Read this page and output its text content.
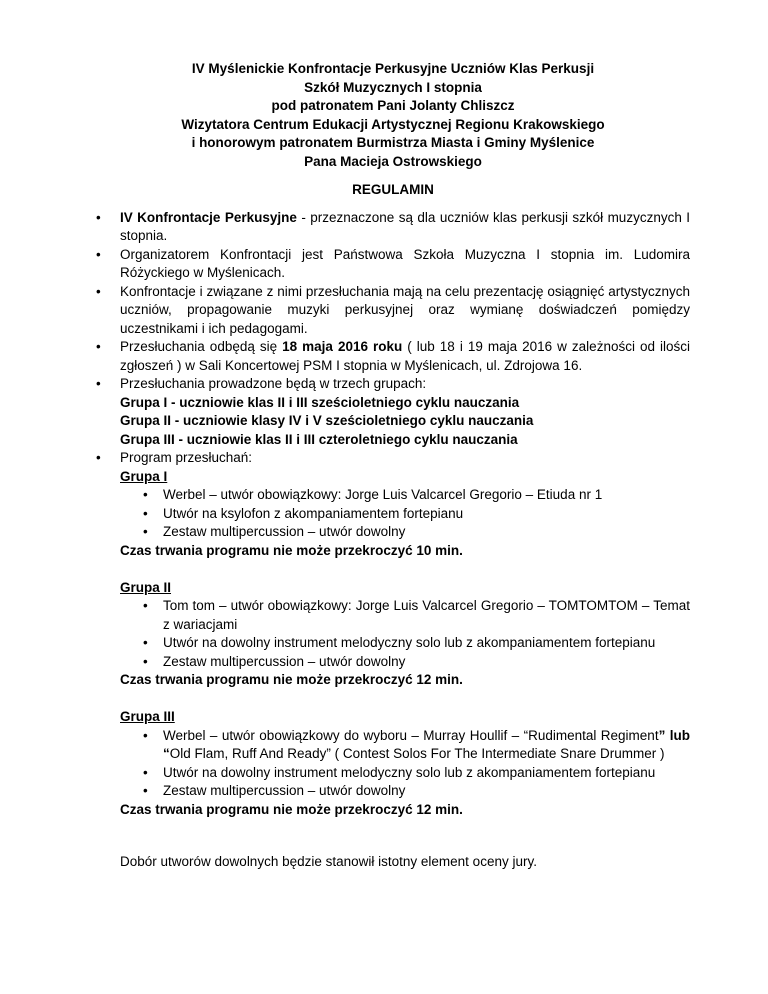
IV Myślenickie Konfrontacje Perkusyjne Uczniów Klas Perkusji

Szkół Muzycznych I stopnia

pod patronatem Pani Jolanty Chliszcz

Wizytatora Centrum Edukacji Artystycznej Regionu Krakowskiego

i honorowym patronatem Burmistrza Miasta i Gminy Myślenice

Pana Macieja Ostrowskiego

REGULAMIN
•	IV Konfrontacje Perkusyjne - przeznaczone są dla uczniów klas perkusji szkół muzycznych I stopnia.
•	Organizatorem Konfrontacji jest Państwowa Szkoła Muzyczna I stopnia im. Ludomira Różyckiego w Myślenicach.
•	Konfrontacje i związane z nimi przesłuchania mają na celu prezentację osiągnięć artystycznych uczniów, propagowanie muzyki perkusyjnej oraz wymianę doświadczeń pomiędzy uczestnikami i ich pedagogami.
•	Przesłuchania odbędą się 18 maja 2016 roku ( lub 18 i 19 maja 2016 w zależności od ilości zgłoszeń ) w Sali Koncertowej PSM I stopnia w Myślenicach, ul. Zdrojowa 16.
•	Przesłuchania prowadzone będą w trzech grupach:
Grupa I - uczniowie klas II i III sześcioletniego cyklu nauczania
Grupa II - uczniowie klasy IV i V sześcioletniego cyklu nauczania
Grupa III - uczniowie klas II i III czteroletniego cyklu nauczania
•	Program przesłuchań:
Grupa I
•	Werbel – utwór obowiązkowy: Jorge Luis Valcarcel Gregorio – Etiuda nr 1
•	Utwór na ksylofon z akompaniamentem fortepianu
•	Zestaw multipercussion – utwór dowolny
Czas trwania programu nie może przekroczyć 10 min.
Grupa II
•	Tom tom – utwór obowiązkowy: Jorge Luis Valcarcel Gregorio – TOMTOMTOM – Temat z wariacjami
•	Utwór na dowolny instrument melodyczny solo lub z akompaniamentem fortepianu
•	Zestaw multipercussion – utwór dowolny
Czas trwania programu nie może przekroczyć 12 min.
Grupa III
•	Werbel – utwór obowiązkowy do wyboru – Murray Houllif – “Rudimental Regiment” lub “Old Flam, Ruff And Ready” ( Contest Solos For The Intermediate Snare Drummer )
•	Utwór na dowolny instrument melodyczny solo lub z akompaniamentem fortepianu
•	Zestaw multipercussion – utwór dowolny
Czas trwania programu nie może przekroczyć 12 min.
Dobór utworów dowolnych będzie stanowił istotny element oceny jury.
